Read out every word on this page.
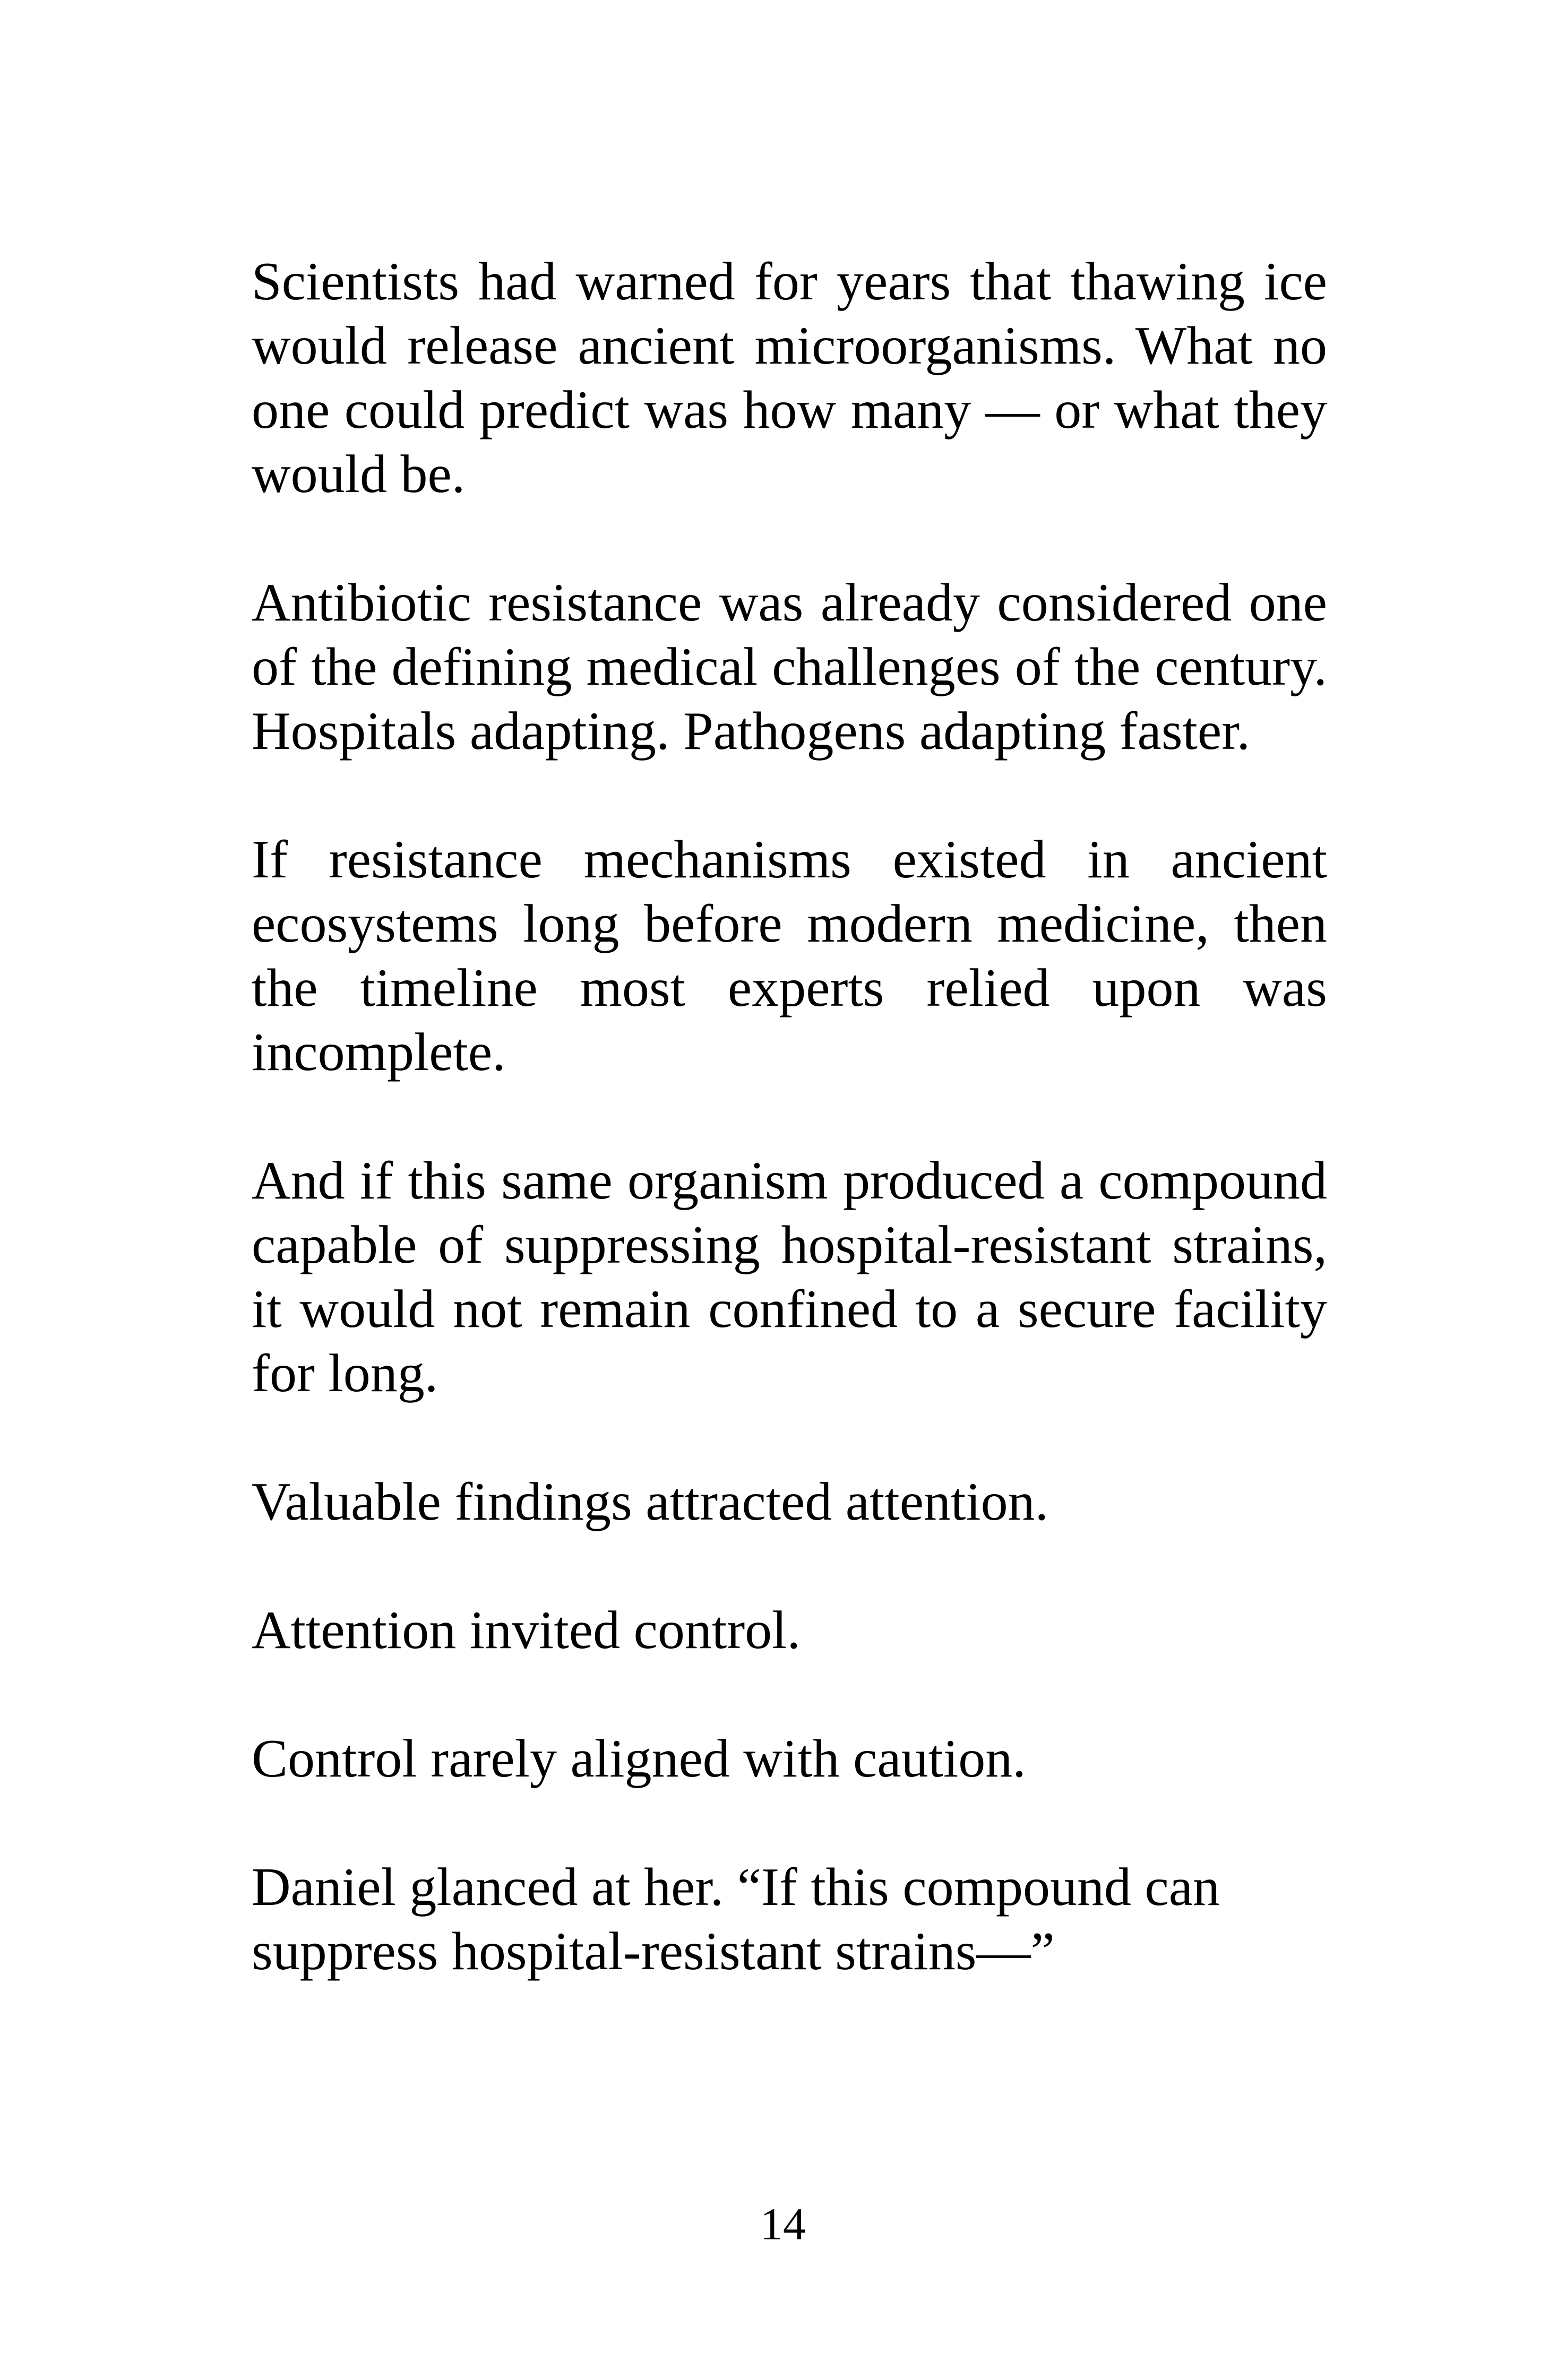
Scientists had warned for years that thawing ice would release ancient microorganisms. What no one could predict was how many — or what they would be.

Antibiotic resistance was already considered one of the defining medical challenges of the century. Hospitals adapting. Pathogens adapting faster.

If resistance mechanisms existed in ancient ecosystems long before modern medicine, then the timeline most experts relied upon was incomplete.

And if this same organism produced a compound capable of suppressing hospital-resistant strains, it would not remain confined to a secure facility for long.

Valuable findings attracted attention.

Attention invited control.

Control rarely aligned with caution.

Daniel glanced at her. “If this compound can suppress hospital-resistant strains—”

14
